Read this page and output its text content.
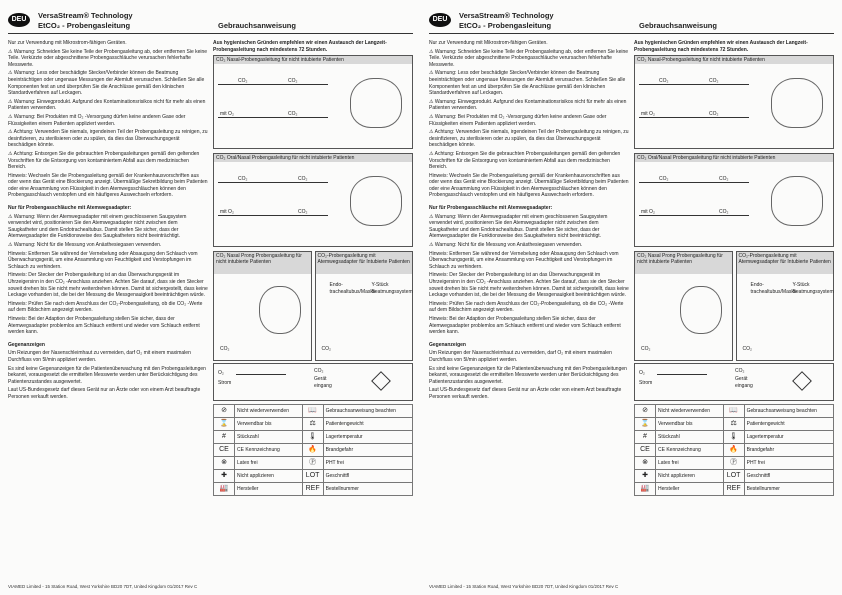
DEU	VersaStream® Technology
EtCO₂ - Probengasleitung	Gebrauchsanweisung

Nur zur Verwendung mit Mikrostrom-fähigen Geräten.

⚠ Warnung: Schneiden Sie keine Teile der Probengasleitung ab, oder entfernen Sie keine Teile. Verkürzte oder abgeschnittene Probengasschläuche verursachen fehlerhafte Messwerte.

⚠ Warnung: Less oder beschädigte Stecker/Verbinder können die Beatmung beeinträchtigen oder ungenaue Messungen der Atemluft verursachen. Schließen Sie alle Komponenten fest an und überprüfen Sie die Anschlüsse gemäß den klinischen Standardverfahren auf Leckagen.

⚠ Warnung: Einwegprodukt. Aufgrund des Kontaminationsrisikos nicht für mehr als einen Patienten verwenden.

⚠ Warnung: Bei Produkten mit O₂ -Versorgung dürfen keine anderen Gase oder Flüssigkeiten einem Patienten appliziert werden.

⚠ Achtung: Verwenden Sie niemals, irgendeinen Teil der Probengasleitung zu reinigen, zu desinfizieren, zu sterilisieren oder zu spülen, da dies das Überwachungsgerät beschädigen könnte.

⚠ Achtung: Entsorgen Sie die gebrauchten Probengasleitungen gemäß den geltenden Vorschriften für die Entsorgung von kontaminiertem Abfall aus dem medizinischen Bereich.

Hinweis: Wechseln Sie die Probengasleitung gemäß der Krankenhausvorschriften aus oder wenn das Gerät eine Blockierung anzeigt. Übermäßige Sekretbildung beim Patienten oder eine Ansammlung von Flüssigkeit in den Atemwegsschläuchen können den Probengasschlauch verstopfen und ein häufigeres Auswechseln erfordern.

Nur für Probengasschläuche mit Atemwegsadapter:

⚠ Warnung: Wenn der Atemwegsadapter mit einem geschlossenen Saugsystem verwendet wird, positionieren Sie den Atemwegsadapter nicht zwischen dem Saugkatheter und dem Endotrachealtubus. Damit stellen Sie sicher, dass der Atemwegsadapter die Funktionsweise des Saugkatheters nicht beeinträchtigt.

⚠ Warnung: Nicht für die Messung von Anästhesiegasen verwenden.

Hinweis: Entfernen Sie während der Vernebelung oder Absaugung den Schlauch vom Überwachungsgerät, um eine Ansammlung von Feuchtigkeit und Verstopfungen im Schlauch zu verhindern.

Hinweis: Der Stecker der Probengasleitung ist an das Überwachungsgerät im Uhrzeigersinn in den CO₂ -Anschluss anziehen. Achten Sie darauf, dass sie den Stecker soweit drehen bis Sie nicht mehr weiterdrehen können. Damit ist sichergestellt, dass keine Leckage vorhanden ist, die bei der Messung die Messgenauigkeit beeinträchtigen würde.

Hinweis: Prüfen Sie nach dem Anschluss der CO₂-Probengasleitung, ob die CO₂ -Werte auf dem Bildschirm angezeigt werden.

Hinweis: Bei der Adaption der Probengasleitung stellen Sie sicher, dass der Atemwegsadapter problemlos am Schlauch entfernt und wieder vom Schlauch entfernt werden kann.

Gegenanzeigen

Um Reizungen der Nasenschleimhaut zu vermeiden, darf O₂ mit einem maximalen Durchfluss von 5l/min appliziert werden.

Es sind keine Gegenanzeigen für die Patientenüberwachung mit den Probengasleitungen bekannt, vorausgesetzt die ermittelten Messwerte werden unter Berücksichtigung des Patientenzustandes ausgewertet.

Laut US-Bundesgesetz darf dieses Gerät nur an Ärzte oder von einem Arzt beauftragte Personen verkauft werden.

Aus hygienischen Gründen empfehlen wir einen Austausch der Langzeit-Probengasleitung nach mindestens 72 Stunden.

CO₂ Nasal-Probengasleitung für nicht intubierte Patienten
CO₂	CO₂
mit O₂	CO₂
CO₂ Oral/Nasal Probengasleitung für nicht intubierte Patienten
CO₂	CO₂
mit O₂	CO₂
CO₂ Nasal Prong Probengasleitung für nicht intubierte Patienten
CO₂
CO₂-Probengasleitung mit Atemwegsadapter für Intubierte Patienten
Endo-trachealtubus/Maske
Y-Stück Beatmungssystem
CO₂
O₂
Strom
CO₂
Gerät eingang
⊘	Nicht wiederverwenden	📖	Gebrauchsanweisung beachten
⌛	Verwendbar bis	⚖	Patientengewicht
#	Stückzahl	🌡	Lagertemperatur
CE	CE Kennzeichnung	🔥	Brandgefahr
⊗	Latex frei	Ⓟ	PHT frei
✚	Nicht applizieren	LOT	Geschnittfl
🏭	Hersteller	REF	Bestellnummer
VIAMED Limited - 15 Station Road, West Yorkshire BD20 7DT, United Kingdom 01/2017 Rev C
DEU	VersaStream® Technology
EtCO₂ - Probengasleitung	Gebrauchsanweisung

Nur zur Verwendung mit Mikrostrom-fähigen Geräten.

⚠ Warnung: Schneiden Sie keine Teile der Probengasleitung ab, oder entfernen Sie keine Teile. Verkürzte oder abgeschnittene Probengasschläuche verursachen fehlerhafte Messwerte.

⚠ Warnung: Less oder beschädigte Stecker/Verbinder können die Beatmung beeinträchtigen oder ungenaue Messungen der Atemluft verursachen. Schließen Sie alle Komponenten fest an und überprüfen Sie die Anschlüsse gemäß den klinischen Standardverfahren auf Leckagen.

⚠ Warnung: Einwegprodukt. Aufgrund des Kontaminationsrisikos nicht für mehr als einen Patienten verwenden.

⚠ Warnung: Bei Produkten mit O₂ -Versorgung dürfen keine anderen Gase oder Flüssigkeiten einem Patienten appliziert werden.

⚠ Achtung: Verwenden Sie niemals, irgendeinen Teil der Probengasleitung zu reinigen, zu desinfizieren, zu sterilisieren oder zu spülen, da dies das Überwachungsgerät beschädigen könnte.

⚠ Achtung: Entsorgen Sie die gebrauchten Probengasleitungen gemäß den geltenden Vorschriften für die Entsorgung von kontaminiertem Abfall aus dem medizinischen Bereich.

Hinweis: Wechseln Sie die Probengasleitung gemäß der Krankenhausvorschriften aus oder wenn das Gerät eine Blockierung anzeigt. Übermäßige Sekretbildung beim Patienten oder eine Ansammlung von Flüssigkeit in den Atemwegsschläuchen können den Probengasschlauch verstopfen und ein häufigeres Auswechseln erfordern.

Nur für Probengasschläuche mit Atemwegsadapter:

⚠ Warnung: Wenn der Atemwegsadapter mit einem geschlossenen Saugsystem verwendet wird, positionieren Sie den Atemwegsadapter nicht zwischen dem Saugkatheter und dem Endotrachealtubus. Damit stellen Sie sicher, dass der Atemwegsadapter die Funktionsweise des Saugkatheters nicht beeinträchtigt.

⚠ Warnung: Nicht für die Messung von Anästhesiegasen verwenden.

Hinweis: Entfernen Sie während der Vernebelung oder Absaugung den Schlauch vom Überwachungsgerät, um eine Ansammlung von Feuchtigkeit und Verstopfungen im Schlauch zu verhindern.

Hinweis: Der Stecker der Probengasleitung ist an das Überwachungsgerät im Uhrzeigersinn in den CO₂ -Anschluss anziehen. Achten Sie darauf, dass sie den Stecker soweit drehen bis Sie nicht mehr weiterdrehen können. Damit ist sichergestellt, dass keine Leckage vorhanden ist, die bei der Messung die Messgenauigkeit beeinträchtigen würde.

Hinweis: Prüfen Sie nach dem Anschluss der CO₂-Probengasleitung, ob die CO₂ -Werte auf dem Bildschirm angezeigt werden.

Hinweis: Bei der Adaption der Probengasleitung stellen Sie sicher, dass der Atemwegsadapter problemlos am Schlauch entfernt und wieder vom Schlauch entfernt werden kann.

Gegenanzeigen

Um Reizungen der Nasenschleimhaut zu vermeiden, darf O₂ mit einem maximalen Durchfluss von 5l/min appliziert werden.

Es sind keine Gegenanzeigen für die Patientenüberwachung mit den Probengasleitungen bekannt, vorausgesetzt die ermittelten Messwerte werden unter Berücksichtigung des Patientenzustandes ausgewertet.

Laut US-Bundesgesetz darf dieses Gerät nur an Ärzte oder von einem Arzt beauftragte Personen verkauft werden.

Aus hygienischen Gründen empfehlen wir einen Austausch der Langzeit-Probengasleitung nach mindestens 72 Stunden.

CO₂ Nasal-Probengasleitung für nicht intubierte Patienten
CO₂	CO₂
mit O₂	CO₂
CO₂ Oral/Nasal Probengasleitung für nicht intubierte Patienten
CO₂	CO₂
mit O₂	CO₂
CO₂ Nasal Prong Probengasleitung für nicht intubierte Patienten
CO₂
CO₂-Probengasleitung mit Atemwegsadapter für Intubierte Patienten
Endo-trachealtubus/Maske
Y-Stück Beatmungssystem
CO₂
O₂
Strom
CO₂
Gerät eingang
⊘	Nicht wiederverwenden	📖	Gebrauchsanweisung beachten
⌛	Verwendbar bis	⚖	Patientengewicht
#	Stückzahl	🌡	Lagertemperatur
CE	CE Kennzeichnung	🔥	Brandgefahr
⊗	Latex frei	Ⓟ	PHT frei
✚	Nicht applizieren	LOT	Geschnittfl
🏭	Hersteller	REF	Bestellnummer
VIAMED Limited - 15 Station Road, West Yorkshire BD20 7DT, United Kingdom 01/2017 Rev C
